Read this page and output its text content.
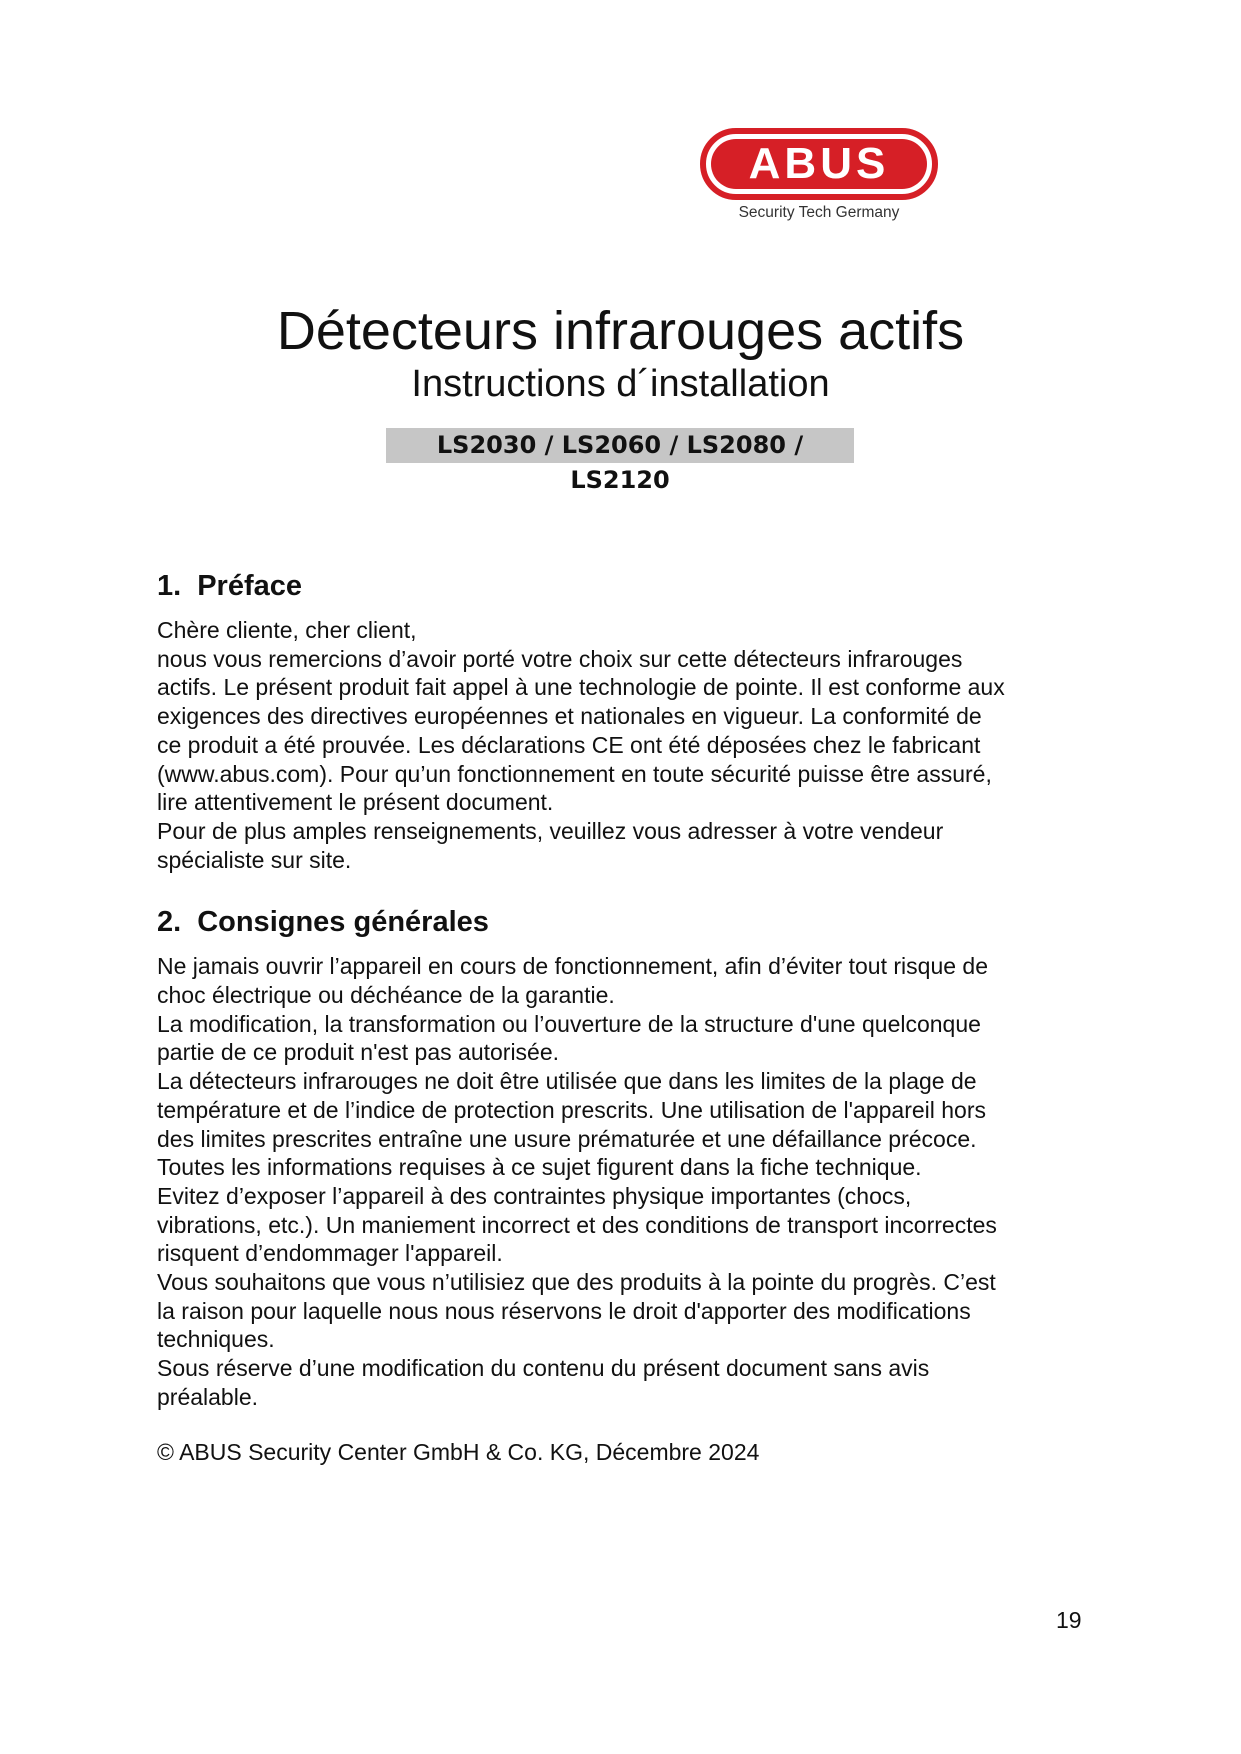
ABUS
Security Tech Germany
Détecteurs infrarouges actifs
Instructions d´installation
LS2030 / LS2060 / LS2080 / LS2120
1. Préface

Chère cliente, cher client,
nous vous remercions d’avoir porté votre choix sur cette détecteurs infrarouges
actifs. Le présent produit fait appel à une technologie de pointe. Il est conforme aux
exigences des directives européennes et nationales en vigueur. La conformité de
ce produit a été prouvée. Les déclarations CE ont été déposées chez le fabricant
(www.abus.com). Pour qu’un fonctionnement en toute sécurité puisse être assuré,
lire attentivement le présent document.
Pour de plus amples renseignements, veuillez vous adresser à votre vendeur
spécialiste sur site.

2. Consignes générales

Ne jamais ouvrir l’appareil en cours de fonctionnement, afin d’éviter tout risque de
choc électrique ou déchéance de la garantie.
La modification, la transformation ou l’ouverture de la structure d'une quelconque
partie de ce produit n'est pas autorisée.
La détecteurs infrarouges ne doit être utilisée que dans les limites de la plage de
température et de l’indice de protection prescrits. Une utilisation de l'appareil hors
des limites prescrites entraîne une usure prématurée et une défaillance précoce.
Toutes les informations requises à ce sujet figurent dans la fiche technique.
Evitez d’exposer l’appareil à des contraintes physique importantes (chocs,
vibrations, etc.). Un maniement incorrect et des conditions de transport incorrectes
risquent d’endommager l'appareil.
Vous souhaitons que vous n’utilisiez que des produits à la pointe du progrès. C’est
la raison pour laquelle nous nous réservons le droit d'apporter des modifications
techniques.
Sous réserve d’une modification du contenu du présent document sans avis
préalable.

© ABUS Security Center GmbH & Co. KG, Décembre 2024
19
